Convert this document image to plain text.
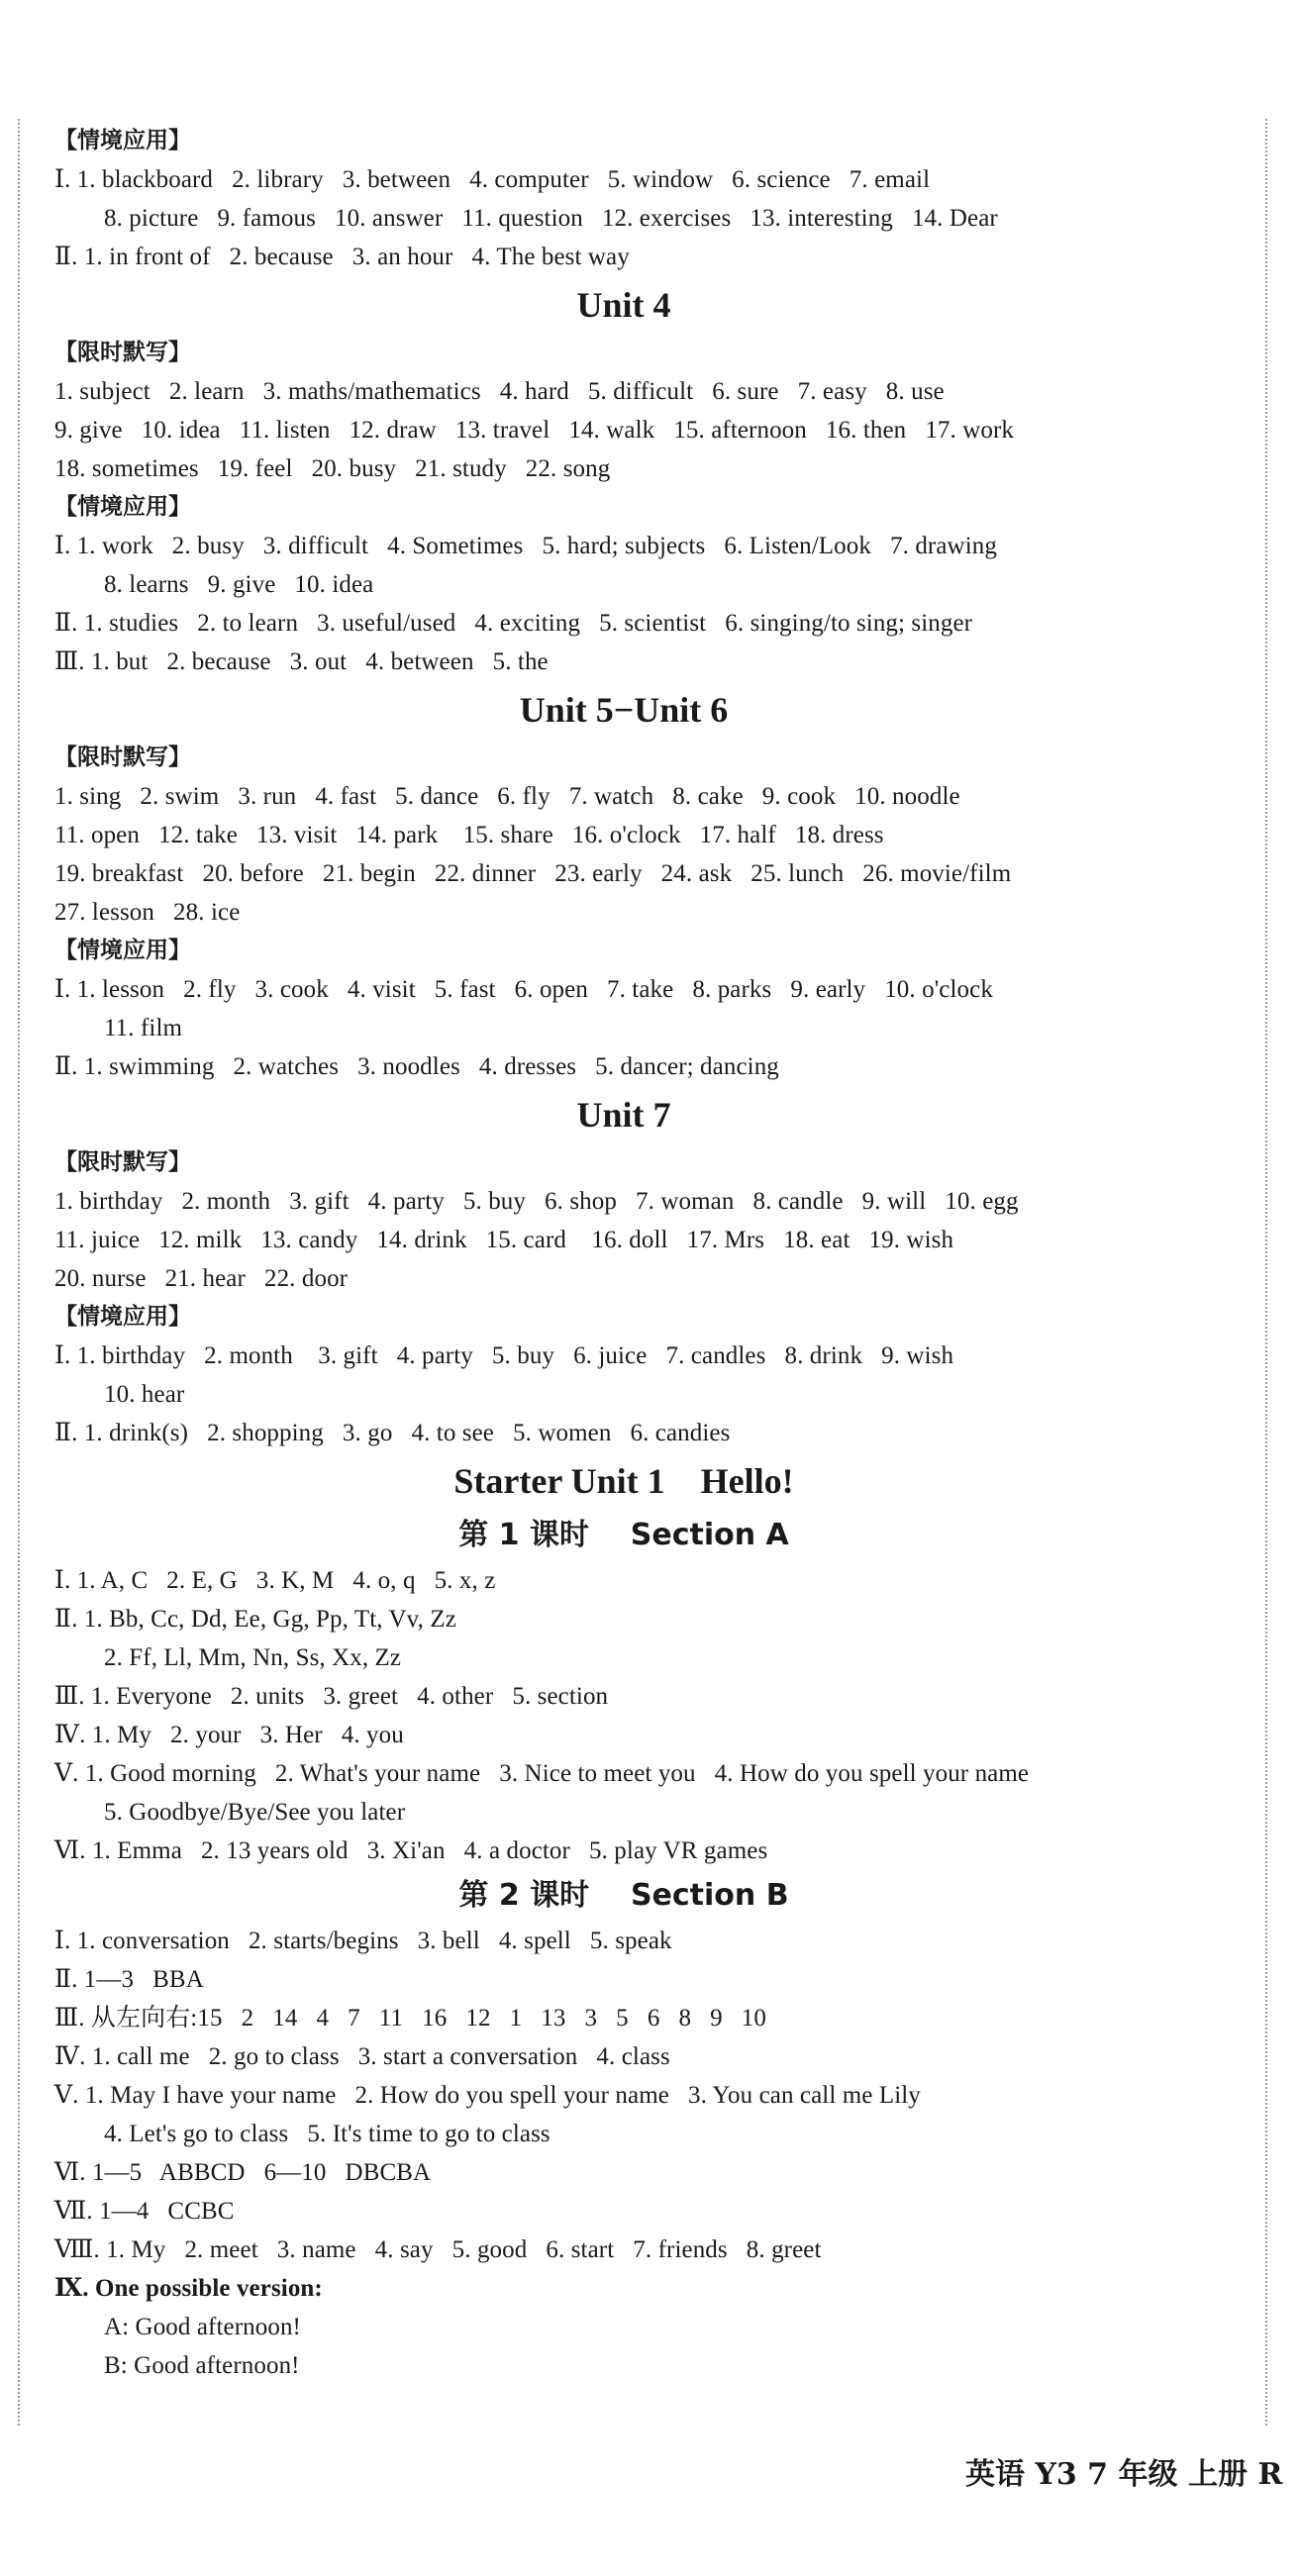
【情境应用】
Ⅰ. 1. blackboard   2. library   3. between   4. computer   5. window   6. science   7. email
8. picture   9. famous   10. answer   11. question   12. exercises   13. interesting   14. Dear
Ⅱ. 1. in front of   2. because   3. an hour   4. The best way
Unit 4
【限时默写】
1. subject   2. learn   3. maths/mathematics   4. hard   5. difficult   6. sure   7. easy   8. use
9. give   10. idea   11. listen   12. draw   13. travel   14. walk   15. afternoon   16. then   17. work
18. sometimes   19. feel   20. busy   21. study   22. song
【情境应用】
Ⅰ. 1. work   2. busy   3. difficult   4. Sometimes   5. hard; subjects   6. Listen/Look   7. drawing
8. learns   9. give   10. idea
Ⅱ. 1. studies   2. to learn   3. useful/used   4. exciting   5. scientist   6. singing/to sing; singer
Ⅲ. 1. but   2. because   3. out   4. between   5. the
Unit 5−Unit 6
【限时默写】
1. sing   2. swim   3. run   4. fast   5. dance   6. fly   7. watch   8. cake   9. cook   10. noodle
11. open   12. take   13. visit   14. park    15. share   16. o'clock   17. half   18. dress
19. breakfast   20. before   21. begin   22. dinner   23. early   24. ask   25. lunch   26. movie/film
27. lesson   28. ice
【情境应用】
Ⅰ. 1. lesson   2. fly   3. cook   4. visit   5. fast   6. open   7. take   8. parks   9. early   10. o'clock
11. film
Ⅱ. 1. swimming   2. watches   3. noodles   4. dresses   5. dancer; dancing
Unit 7
【限时默写】
1. birthday   2. month   3. gift   4. party   5. buy   6. shop   7. woman   8. candle   9. will   10. egg
11. juice   12. milk   13. candy   14. drink   15. card    16. doll   17. Mrs   18. eat   19. wish
20. nurse   21. hear   22. door
【情境应用】
Ⅰ. 1. birthday   2. month    3. gift   4. party   5. buy   6. juice   7. candles   8. drink   9. wish
10. hear
Ⅱ. 1. drink(s)   2. shopping   3. go   4. to see   5. women   6. candies
Starter Unit 1    Hello!
第 1 课时    Section A
Ⅰ. 1. A, C   2. E, G   3. K, M   4. o, q   5. x, z
Ⅱ. 1. Bb, Cc, Dd, Ee, Gg, Pp, Tt, Vv, Zz
2. Ff, Ll, Mm, Nn, Ss, Xx, Zz
Ⅲ. 1. Everyone   2. units   3. greet   4. other   5. section
Ⅳ. 1. My   2. your   3. Her   4. you
Ⅴ. 1. Good morning   2. What's your name   3. Nice to meet you   4. How do you spell your name
5. Goodbye/Bye/See you later
Ⅵ. 1. Emma   2. 13 years old   3. Xi'an   4. a doctor   5. play VR games
第 2 课时    Section B
Ⅰ. 1. conversation   2. starts/begins   3. bell   4. spell   5. speak
Ⅱ. 1—3   BBA
Ⅲ. 从左向右:15   2   14   4   7   11   16   12   1   13   3   5   6   8   9   10
Ⅳ. 1. call me   2. go to class   3. start a conversation   4. class
Ⅴ. 1. May I have your name   2. How do you spell your name   3. You can call me Lily
4. Let's go to class   5. It's time to go to class
Ⅵ. 1—5   ABBCD   6—10   DBCBA
Ⅶ. 1—4   CCBC
Ⅷ. 1. My   2. meet   3. name   4. say   5. good   6. start   7. friends   8. greet
Ⅸ. One possible version:
A: Good afternoon!
B: Good afternoon!
英语 Y3 7 年级 上册 R
